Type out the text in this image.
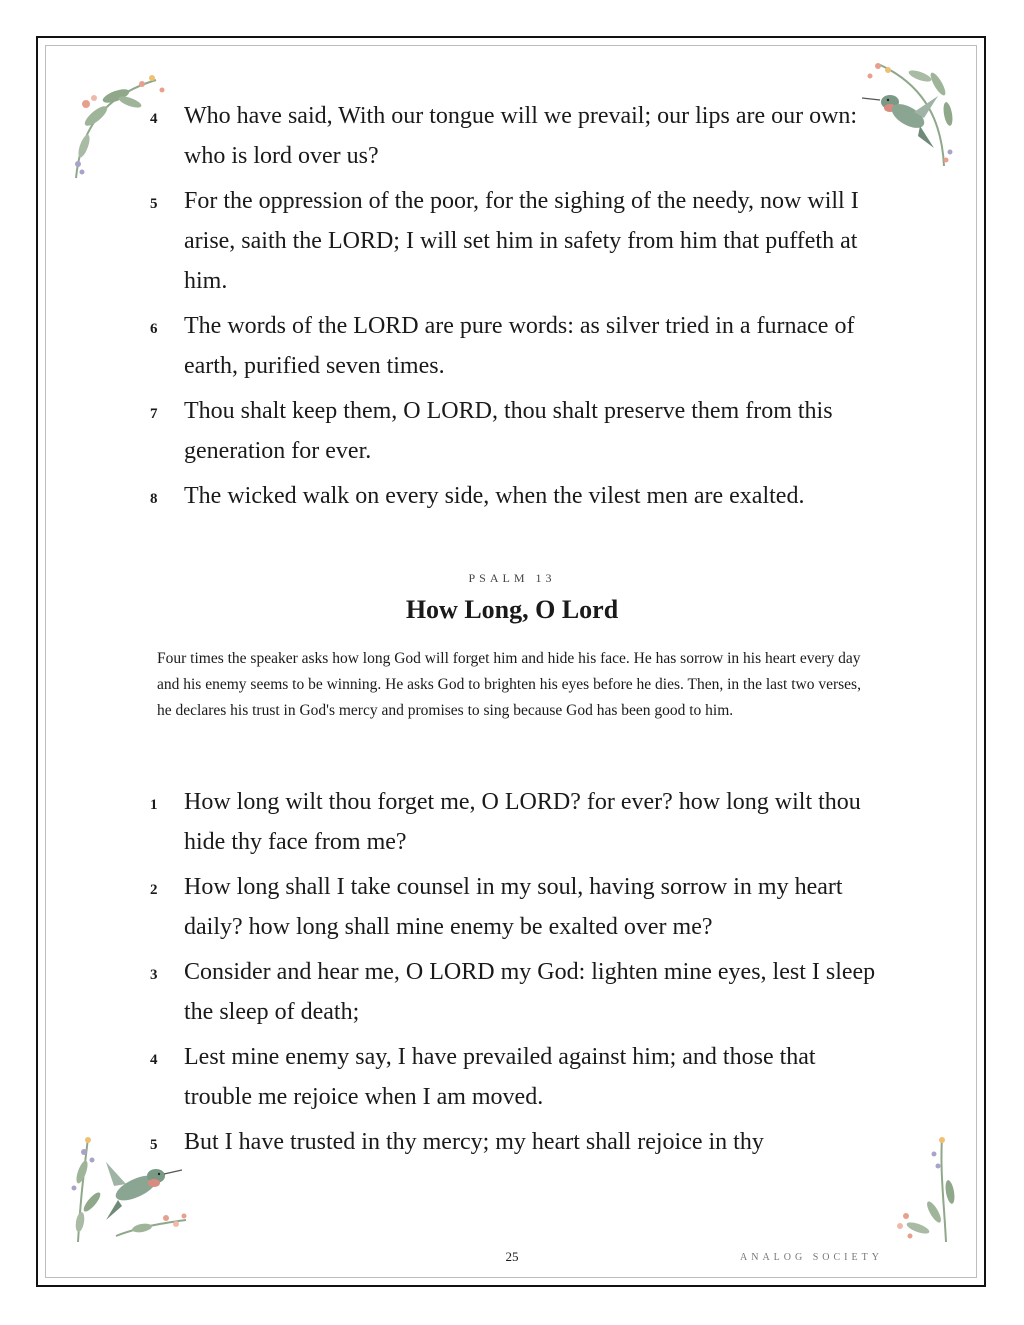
4	Who have said, With our tongue will we prevail; our lips are our own: who is lord over us?
5	For the oppression of the poor, for the sighing of the needy, now will I arise, saith the LORD; I will set him in safety from him that puffeth at him.
6	The words of the LORD are pure words: as silver tried in a furnace of earth, purified seven times.
7	Thou shalt keep them, O LORD, thou shalt preserve them from this generation for ever.
8	The wicked walk on every side, when the vilest men are exalted.
PSALM 13
How Long, O Lord
Four times the speaker asks how long God will forget him and hide his face. He has sorrow in his heart every day and his enemy seems to be winning. He asks God to brighten his eyes before he dies. Then, in the last two verses, he declares his trust in God's mercy and promises to sing because God has been good to him.
1	How long wilt thou forget me, O LORD? for ever? how long wilt thou hide thy face from me?
2	How long shall I take counsel in my soul, having sorrow in my heart daily? how long shall mine enemy be exalted over me?
3	Consider and hear me, O LORD my God: lighten mine eyes, lest I sleep the sleep of death;
4	Lest mine enemy say, I have prevailed against him; and those that trouble me rejoice when I am moved.
5	But I have trusted in thy mercy; my heart shall rejoice in thy
25	ANALOG SOCIETY
